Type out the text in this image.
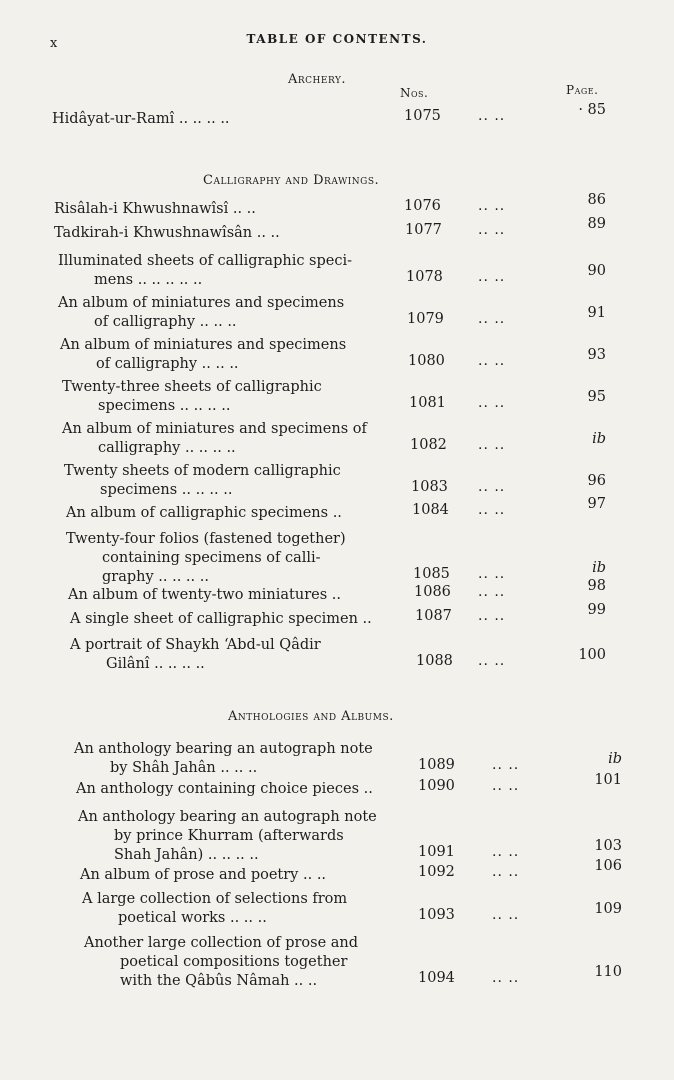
x	TABLE OF CONTENTS.
Nos.	Page.
Archery.
Hidâyat-ur-Ramî .. .. .. ..	1075	.. ..	· 85
Calligraphy and Drawings.
Risâlah-i Khwushnawîsî .. ..	1076	.. ..	86
Tadkirah-i Khwushnawîsân .. ..	1077	.. ..	89
Illuminated sheets of calligraphic speci-
mens .. .. .. .. ..	1078	.. ..	90
An album of miniatures and specimens
of calligraphy .. .. ..	1079 .. ..	91
An album of miniatures and specimens
of calligraphy .. .. ..	1080 .. ..	93
Twenty-three sheets of calligraphic
specimens .. .. .. ..	1081 .. ..	95
An album of miniatures and specimens of
calligraphy .. .. .. ..	1082 .. ..	ib
Twenty sheets of modern calligraphic
specimens .. .. .. ..	1083 .. ..	96
An album of calligraphic specimens ..	1084 .. ..	97
Twenty-four folios (fastened together)
containing specimens of calli-
graphy .. .. .. ..	1085 .. ..	ib
An album of twenty-two miniatures ..	1086 .. ..	98
A single sheet of calligraphic specimen ..	1087 .. ..	99
A portrait of Shaykh ʻAbd-ul Qâdir
Gilânî .. .. .. ..	1088 .. ..	100
Anthologies and Albums.
An anthology bearing an autograph note
by Shâh Jahân .. .. ..	1089	.. ..	ib
An anthology containing choice pieces ..	1090	.. ..	101
An anthology bearing an autograph note
by prince Khurram (afterwards
Shah Jahân) .. .. .. ..	1091	.. ..	103
An album of prose and poetry .. ..	1092	.. ..	106
A large collection of selections from
poetical works .. .. ..	1093	.. ..	109
Another large collection of prose and
poetical compositions together
with the Qâbûs Nâmah .. ..	1094	.. ..	110
